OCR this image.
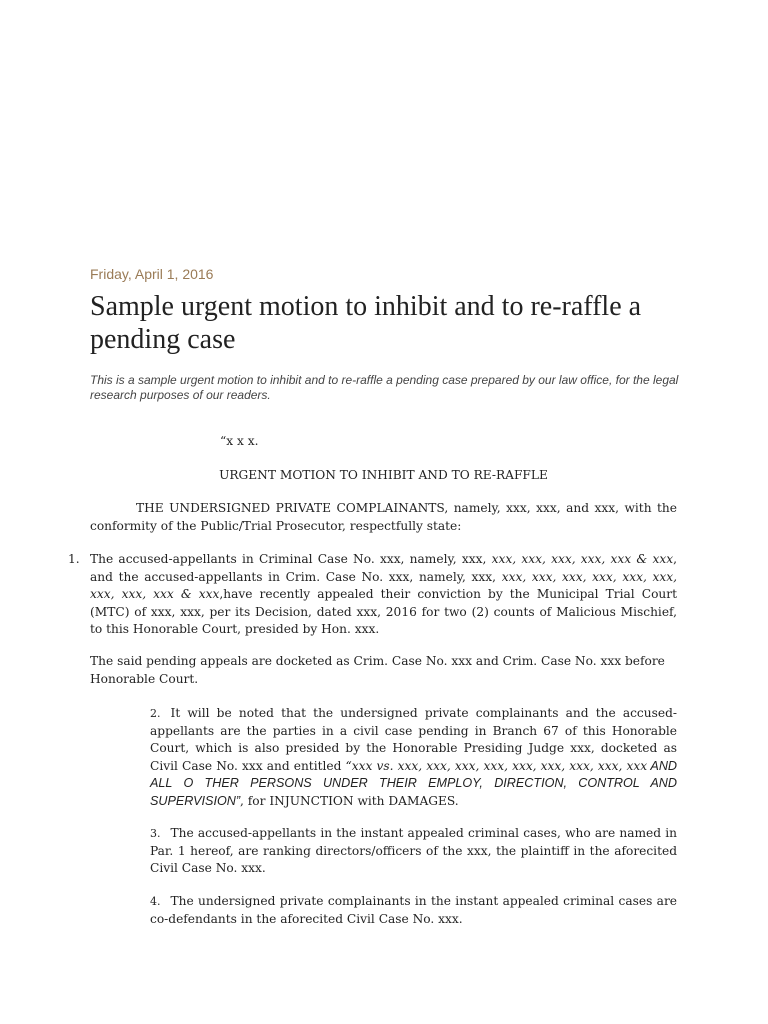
Friday, April 1, 2016
Sample urgent motion to inhibit and to re-raffle a pending case
This is a sample urgent motion to inhibit and to re-raffle a pending case prepared by our law office, for the legal research purposes of our readers.
“x x x.
URGENT MOTION TO INHIBIT AND TO RE-RAFFLE
THE UNDERSIGNED PRIVATE COMPLAINANTS, namely, xxx, xxx, and xxx, with the conformity of the Public/Trial Prosecutor, respectfully state:
1. The accused-appellants in Criminal Case No. xxx, namely, xxx, xxx, xxx, xxx, xxx, xxx & xxx, and the accused-appellants in Crim. Case No. xxx, namely, xxx, xxx, xxx, xxx, xxx, xxx, xxx, xxx, xxx, xxx & xxx,have recently appealed their conviction by the Municipal Trial Court (MTC) of xxx, xxx, per its Decision, dated xxx, 2016 for two (2) counts of Malicious Mischief, to this Honorable Court, presided by Hon. xxx.
The said pending appeals are docketed as Crim. Case No. xxx and Crim. Case No. xxx before Honorable Court.
2. It will be noted that the undersigned private complainants and the accused-appellants are the parties in a civil case pending in Branch 67 of this Honorable Court, which is also presided by the Honorable Presiding Judge xxx, docketed as Civil Case No. xxx and entitled “xxx vs. xxx, xxx, xxx, xxx, xxx, xxx, xxx, xxx, xxx AND ALL O THER PERSONS UNDER THEIR EMPLOY, DIRECTION, CONTROL AND SUPERVISION”, for INJUNCTION with DAMAGES.
3. The accused-appellants in the instant appealed criminal cases, who are named in Par. 1 hereof, are ranking directors/officers of the xxx, the plaintiff in the aforecited Civil Case No. xxx.
4. The undersigned private complainants in the instant appealed criminal cases are co-defendants in the aforecited Civil Case No. xxx.
